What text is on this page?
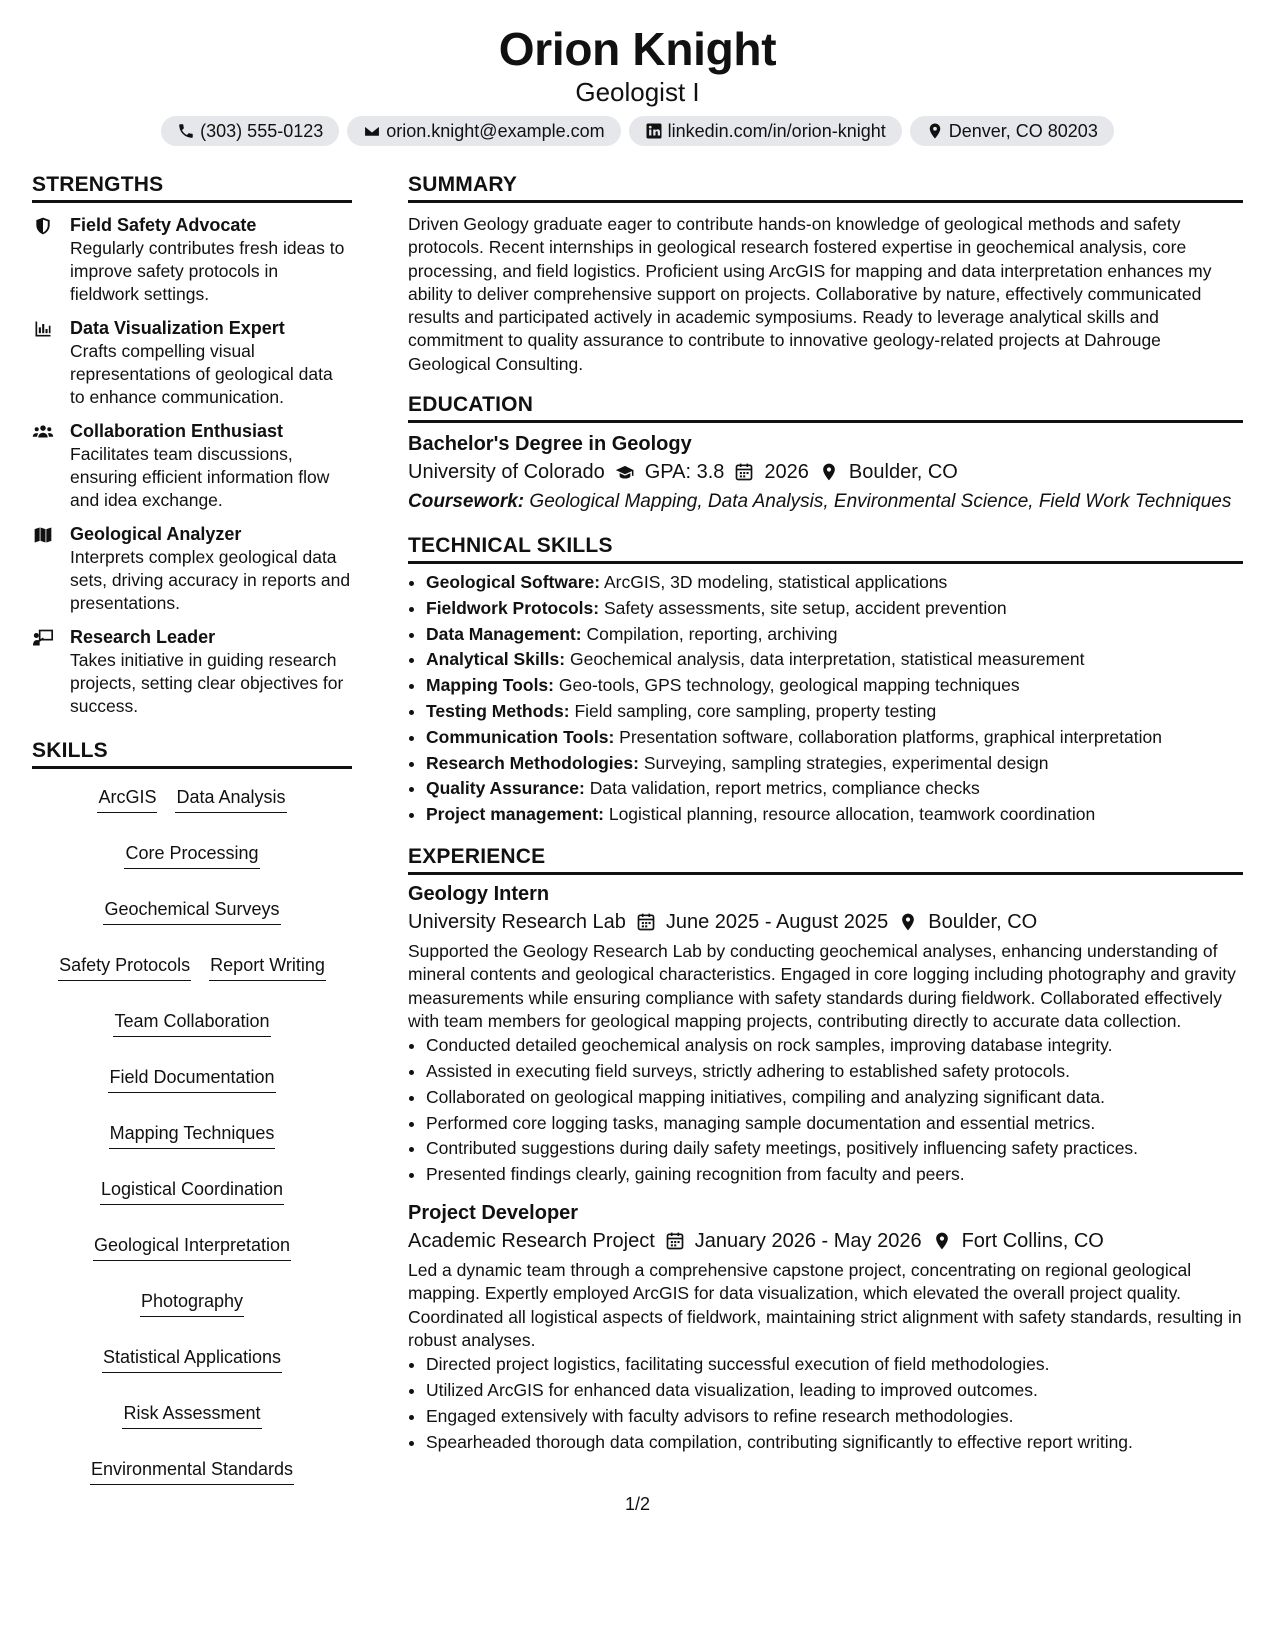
Orion Knight
Geologist I
(303) 555-0123	orion.knight@example.com	linkedin.com/in/orion-knight	Denver, CO 80203
STRENGTHS
Field Safety Advocate
Regularly contributes fresh ideas to improve safety protocols in fieldwork settings.
Data Visualization Expert
Crafts compelling visual representations of geological data to enhance communication.
Collaboration Enthusiast
Facilitates team discussions, ensuring efficient information flow and idea exchange.
Geological Analyzer
Interprets complex geological data sets, driving accuracy in reports and presentations.
Research Leader
Takes initiative in guiding research projects, setting clear objectives for success.
SKILLS
ArcGIS Data Analysis
Core Processing
Geochemical Surveys
Safety Protocols Report Writing
Team Collaboration
Field Documentation
Mapping Techniques
Logistical Coordination
Geological Interpretation
Photography
Statistical Applications
Risk Assessment
Environmental Standards
SUMMARY
Driven Geology graduate eager to contribute hands-on knowledge of geological methods and safety protocols. Recent internships in geological research fostered expertise in geochemical analysis, core processing, and field logistics. Proficient using ArcGIS for mapping and data interpretation enhances my ability to deliver comprehensive support on projects. Collaborative by nature, effectively communicated results and participated actively in academic symposiums. Ready to leverage analytical skills and commitment to quality assurance to contribute to innovative geology-related projects at Dahrouge Geological Consulting.
EDUCATION
Bachelor's Degree in Geology
University of Colorado GPA: 3.8 2026 Boulder, CO
Coursework: Geological Mapping, Data Analysis, Environmental Science, Field Work Techniques
TECHNICAL SKILLS
• Geological Software: ArcGIS, 3D modeling, statistical applications
• Fieldwork Protocols: Safety assessments, site setup, accident prevention
• Data Management: Compilation, reporting, archiving
• Analytical Skills: Geochemical analysis, data interpretation, statistical measurement
• Mapping Tools: Geo-tools, GPS technology, geological mapping techniques
• Testing Methods: Field sampling, core sampling, property testing
• Communication Tools: Presentation software, collaboration platforms, graphical interpretation
• Research Methodologies: Surveying, sampling strategies, experimental design
• Quality Assurance: Data validation, report metrics, compliance checks
• Project management: Logistical planning, resource allocation, teamwork coordination
EXPERIENCE
Geology Intern
University Research Lab June 2025 - August 2025 Boulder, CO
Supported the Geology Research Lab by conducting geochemical analyses, enhancing understanding of mineral contents and geological characteristics. Engaged in core logging including photography and gravity measurements while ensuring compliance with safety standards during fieldwork. Collaborated effectively with team members for geological mapping projects, contributing directly to accurate data collection.
• Conducted detailed geochemical analysis on rock samples, improving database integrity.
• Assisted in executing field surveys, strictly adhering to established safety protocols.
• Collaborated on geological mapping initiatives, compiling and analyzing significant data.
• Performed core logging tasks, managing sample documentation and essential metrics.
• Contributed suggestions during daily safety meetings, positively influencing safety practices.
• Presented findings clearly, gaining recognition from faculty and peers.
Project Developer
Academic Research Project January 2026 - May 2026 Fort Collins, CO
Led a dynamic team through a comprehensive capstone project, concentrating on regional geological mapping. Expertly employed ArcGIS for data visualization, which elevated the overall project quality. Coordinated all logistical aspects of fieldwork, maintaining strict alignment with safety standards, resulting in robust analyses.
• Directed project logistics, facilitating successful execution of field methodologies.
• Utilized ArcGIS for enhanced data visualization, leading to improved outcomes.
• Engaged extensively with faculty advisors to refine research methodologies.
• Spearheaded thorough data compilation, contributing significantly to effective report writing.
1/2
